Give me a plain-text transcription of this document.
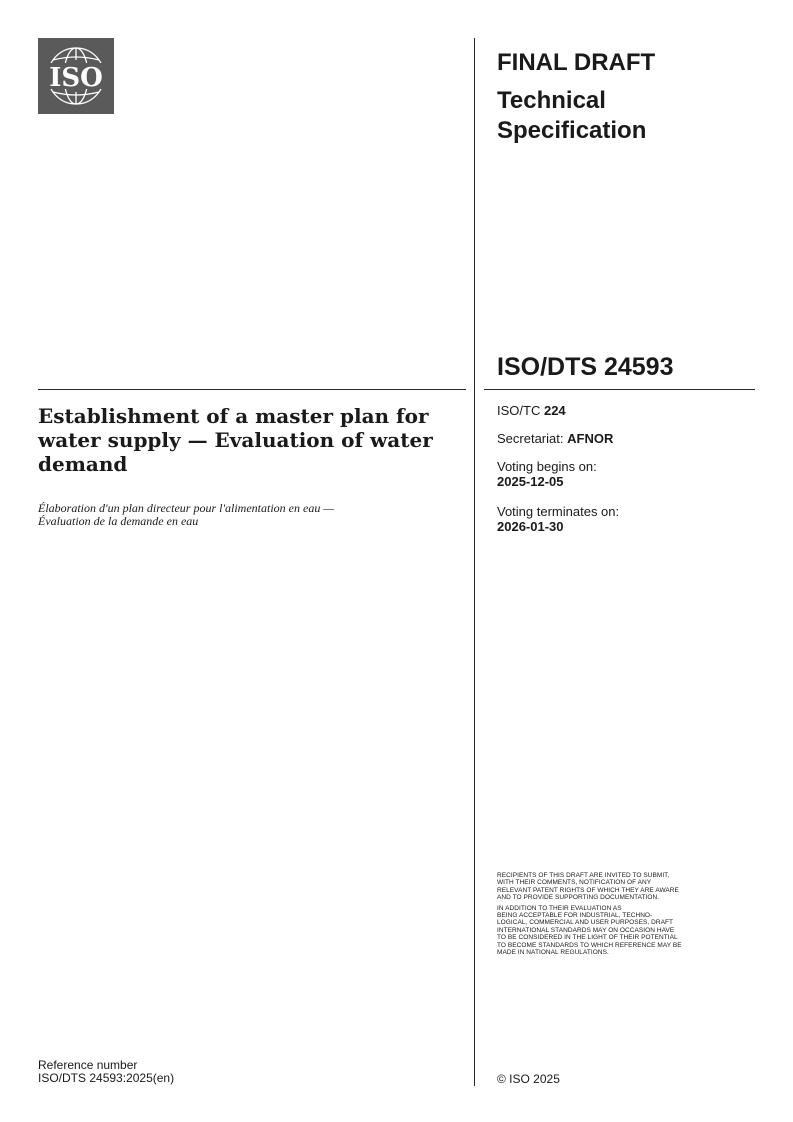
ISO
FINAL DRAFT
Technical
Specification
ISO/DTS 24593
ISO/TC 224
Secretariat: AFNOR
Voting begins on:
2025-12-05
Voting terminates on:
2026-01-30
Establishment of a master plan for
water supply — Evaluation of water
demand
Élaboration d'un plan directeur pour l'alimentation en eau —
Évaluation de la demande en eau

RECIPIENTS OF THIS DRAFT ARE INVITED TO SUBMIT,
WITH THEIR COMMENTS, NOTIFICATION OF ANY
RELEVANT PATENT RIGHTS OF WHICH THEY ARE AWARE
AND TO PROVIDE SUPPORTING DOCUMENTATION.

IN ADDITION TO THEIR EVALUATION AS
BEING ACCEPTABLE FOR INDUSTRIAL, TECHNO-
LOGICAL, COMMERCIAL AND USER PURPOSES, DRAFT
INTERNATIONAL STANDARDS MAY ON OCCASION HAVE
TO BE CONSIDERED IN THE LIGHT OF THEIR POTENTIAL
TO BECOME STANDARDS TO WHICH REFERENCE MAY BE
MADE IN NATIONAL REGULATIONS.

Reference number
ISO/DTS 24593:2025(en)	© ISO 2025
